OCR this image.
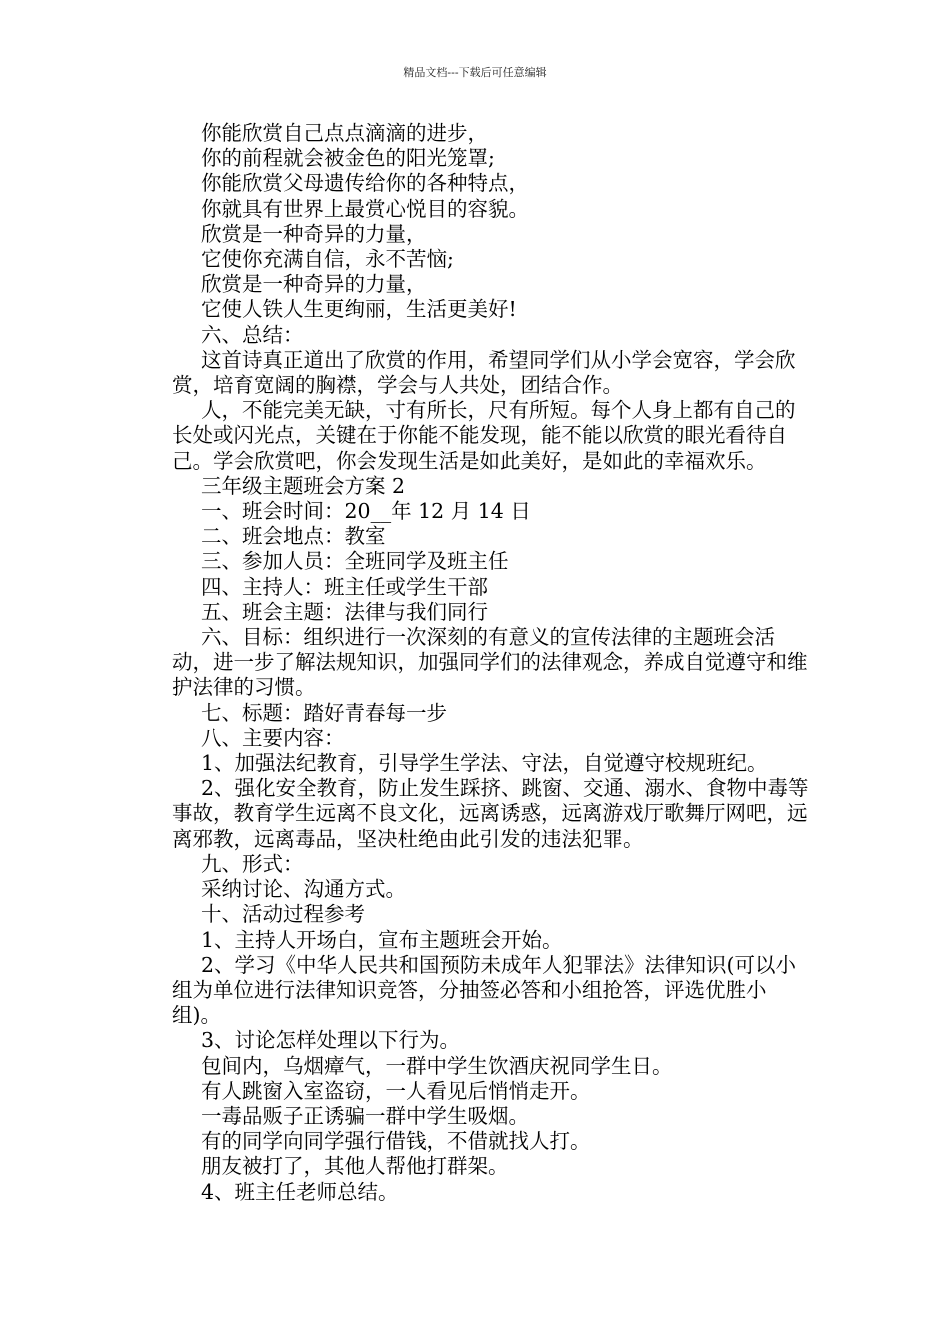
精品文档---下载后可任意编辑

你能欣赏自己点点滴滴的进步，

你的前程就会被金色的阳光笼罩;

你能欣赏父母遗传给你的各种特点，

你就具有世界上最赏心悦目的容貌。

欣赏是一种奇异的力量，

它使你充满自信，永不苦恼;

欣赏是一种奇异的力量，

它使人铁人生更绚丽，生活更美好!

六、总结：

这首诗真正道出了欣赏的作用，希望同学们从小学会宽容，学会欣赏，培育宽阔的胸襟，学会与人共处，团结合作。

人，不能完美无缺，寸有所长，尺有所短。每个人身上都有自己的长处或闪光点，关键在于你能不能发现，能不能以欣赏的眼光看待自己。学会欣赏吧，你会发现生活是如此美好，是如此的幸福欢乐。

三年级主题班会方案 2

一、班会时间：20__年 12 月 14 日

二、班会地点：教室

三、参加人员：全班同学及班主任

四、主持人：班主任或学生干部

五、班会主题：法律与我们同行

六、目标：组织进行一次深刻的有意义的宣传法律的主题班会活动，进一步了解法规知识，加强同学们的法律观念，养成自觉遵守和维护法律的习惯。

七、标题：踏好青春每一步

八、主要内容：

1、加强法纪教育，引导学生学法、守法，自觉遵守校规班纪。

2、强化安全教育，防止发生踩挤、跳窗、交通、溺水、食物中毒等事故，教育学生远离不良文化，远离诱惑，远离游戏厅歌舞厅网吧，远离邪教，远离毒品，坚决杜绝由此引发的违法犯罪。

九、形式：

采纳讨论、沟通方式。

十、活动过程参考

1、主持人开场白，宣布主题班会开始。

2、学习《中华人民共和国预防未成年人犯罪法》法律知识(可以小组为单位进行法律知识竞答，分抽签必答和小组抢答，评选优胜小组)。

3、讨论怎样处理以下行为。

包间内，乌烟瘴气，一群中学生饮酒庆祝同学生日。

有人跳窗入室盗窃，一人看见后悄悄走开。

一毒品贩子正诱骗一群中学生吸烟。

有的同学向同学强行借钱，不借就找人打。

朋友被打了，其他人帮他打群架。

4、班主任老师总结。
